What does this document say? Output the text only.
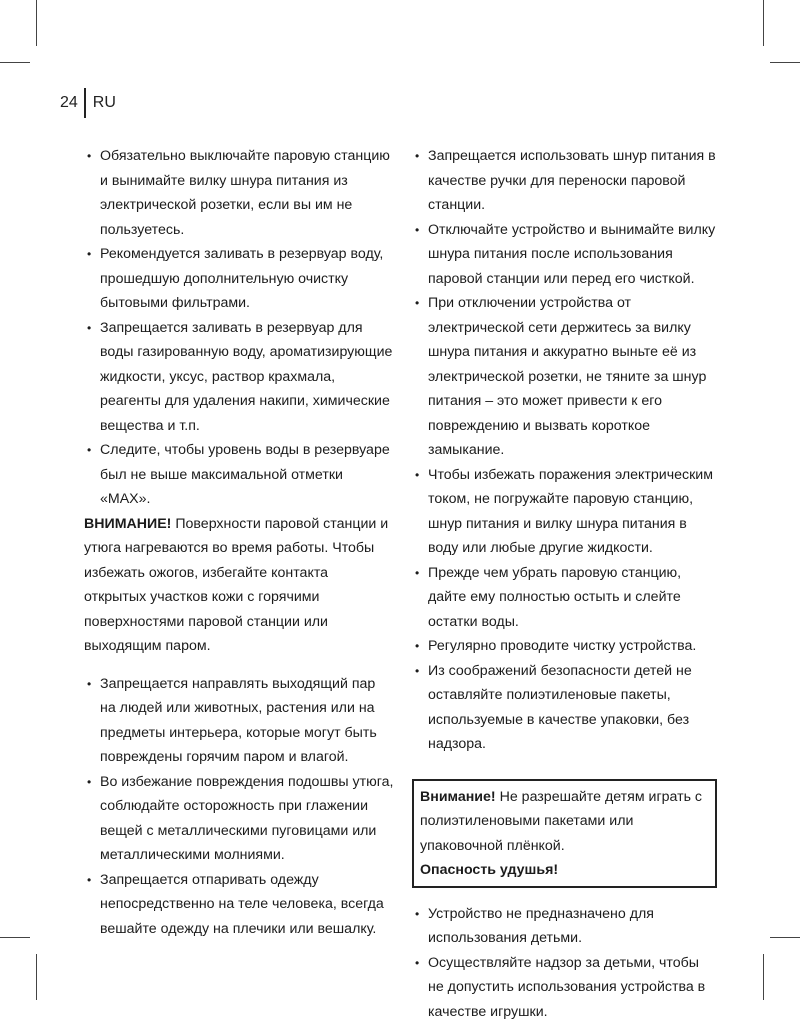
24 RU
• Обязательно выключайте паровую станцию и вынимайте вилку шнура питания из электрической розетки, если вы им не пользуетесь.
• Рекомендуется заливать в резервуар воду, прошедшую дополнительную очистку бытовыми фильтрами.
• Запрещается заливать в резервуар для воды газированную воду, ароматизирующие жидкости, уксус, раствор крахмала, реагенты для удаления накипи, химические вещества и т.п.
• Следите, чтобы уровень воды в резервуаре был не выше максимальной отметки «MAX».

ВНИМАНИЕ! Поверхности паровой станции и утюга нагреваются во время работы. Чтобы избежать ожогов, избегайте контакта открытых участков кожи с горячими поверхностями паровой станции или выходящим паром.

• Запрещается направлять выходящий пар на людей или животных, растения или на предметы интерьера, которые могут быть повреждены горячим паром и влагой.
• Во избежание повреждения подошвы утюга, соблюдайте осторожность при глажении вещей с металлическими пуговицами или металлическими молниями.
• Запрещается отпаривать одежду непосредственно на теле человека, всегда вешайте одежду на плечики или вешалку.
• Запрещается использовать шнур питания в качестве ручки для переноски паровой станции.
• Отключайте устройство и вынимайте вилку шнура питания после использования паровой станции или перед его чисткой.
• При отключении устройства от электрической сети держитесь за вилку шнура питания и аккуратно выньте её из электрической розетки, не тяните за шнур питания – это может привести к его повреждению и вызвать короткое замыкание.
• Чтобы избежать поражения электрическим током, не погружайте паровую станцию, шнур питания и вилку шнура питания в воду или любые другие жидкости.
• Прежде чем убрать паровую станцию, дайте ему полностью остыть и слейте остатки воды.
• Регулярно проводите чистку устройства.
• Из соображений безопасности детей не оставляйте полиэтиленовые пакеты, используемые в качестве упаковки, без надзора.

Внимание! Не разрешайте детям играть с полиэтиленовыми пакетами или упаковочной плёнкой.

Опасность удушья!

• Устройство не предназначено для использования детьми.
• Осуществляйте надзор за детьми, чтобы не допустить использования устройства в качестве игрушки.
